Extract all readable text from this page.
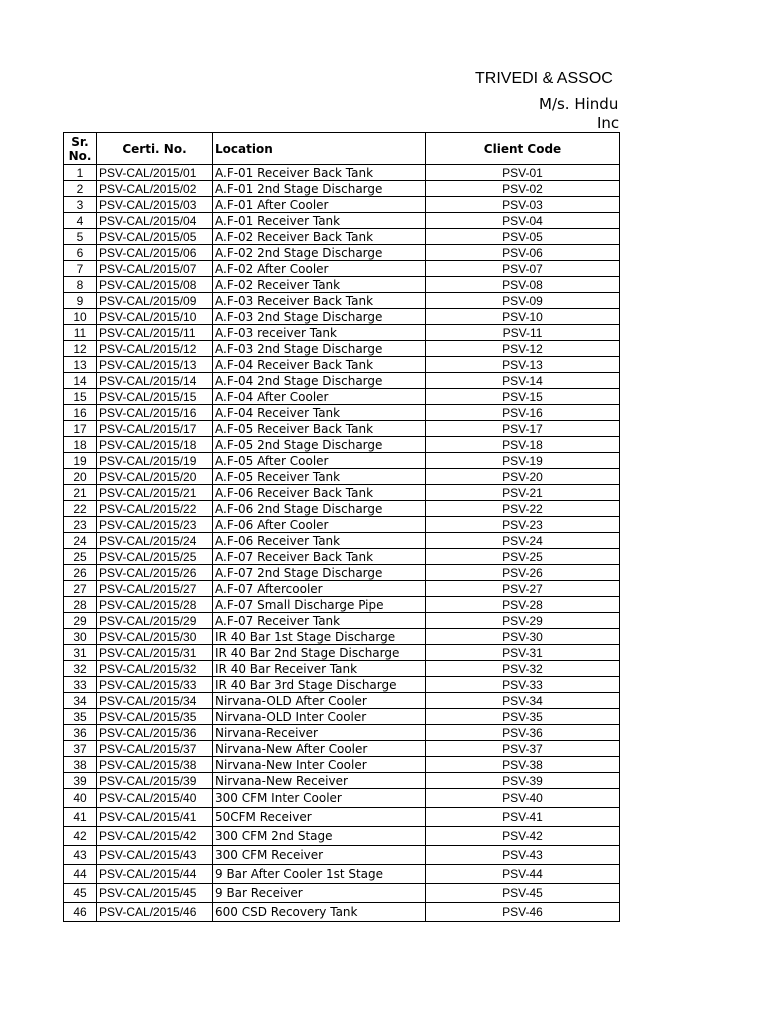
TRIVEDI & ASSOC
M/s. Hindu
Inc
Sr.
No.	Certi. No.	Location	Client Code
1	PSV-CAL/2015/01	A.F-01 Receiver Back Tank	PSV-01
2	PSV-CAL/2015/02	A.F-01 2nd Stage Discharge	PSV-02
3	PSV-CAL/2015/03	A.F-01 After Cooler	PSV-03
4	PSV-CAL/2015/04	A.F-01 Receiver Tank	PSV-04
5	PSV-CAL/2015/05	A.F-02 Receiver Back Tank	PSV-05
6	PSV-CAL/2015/06	A.F-02 2nd Stage Discharge	PSV-06
7	PSV-CAL/2015/07	A.F-02 After Cooler	PSV-07
8	PSV-CAL/2015/08	A.F-02 Receiver Tank	PSV-08
9	PSV-CAL/2015/09	A.F-03 Receiver Back Tank	PSV-09
10	PSV-CAL/2015/10	A.F-03 2nd Stage Discharge	PSV-10
11	PSV-CAL/2015/11	A.F-03 receiver Tank	PSV-11
12	PSV-CAL/2015/12	A.F-03 2nd Stage Discharge	PSV-12
13	PSV-CAL/2015/13	A.F-04 Receiver Back Tank	PSV-13
14	PSV-CAL/2015/14	A.F-04 2nd Stage Discharge	PSV-14
15	PSV-CAL/2015/15	A.F-04 After Cooler	PSV-15
16	PSV-CAL/2015/16	A.F-04 Receiver Tank	PSV-16
17	PSV-CAL/2015/17	A.F-05 Receiver Back Tank	PSV-17
18	PSV-CAL/2015/18	A.F-05 2nd Stage Discharge	PSV-18
19	PSV-CAL/2015/19	A.F-05 After Cooler	PSV-19
20	PSV-CAL/2015/20	A.F-05 Receiver Tank	PSV-20
21	PSV-CAL/2015/21	A.F-06 Receiver Back Tank	PSV-21
22	PSV-CAL/2015/22	A.F-06 2nd Stage Discharge	PSV-22
23	PSV-CAL/2015/23	A.F-06 After Cooler	PSV-23
24	PSV-CAL/2015/24	A.F-06 Receiver Tank	PSV-24
25	PSV-CAL/2015/25	A.F-07 Receiver Back Tank	PSV-25
26	PSV-CAL/2015/26	A.F-07 2nd Stage Discharge	PSV-26
27	PSV-CAL/2015/27	A.F-07 Aftercooler	PSV-27
28	PSV-CAL/2015/28	A.F-07 Small Discharge Pipe	PSV-28
29	PSV-CAL/2015/29	A.F-07 Receiver Tank	PSV-29
30	PSV-CAL/2015/30	IR 40 Bar 1st Stage Discharge	PSV-30
31	PSV-CAL/2015/31	IR 40 Bar 2nd Stage Discharge	PSV-31
32	PSV-CAL/2015/32	IR 40 Bar Receiver Tank	PSV-32
33	PSV-CAL/2015/33	IR 40 Bar 3rd Stage Discharge	PSV-33
34	PSV-CAL/2015/34	Nirvana-OLD After Cooler	PSV-34
35	PSV-CAL/2015/35	Nirvana-OLD Inter Cooler	PSV-35
36	PSV-CAL/2015/36	Nirvana-Receiver	PSV-36
37	PSV-CAL/2015/37	Nirvana-New After Cooler	PSV-37
38	PSV-CAL/2015/38	Nirvana-New Inter Cooler	PSV-38
39	PSV-CAL/2015/39	Nirvana-New Receiver	PSV-39
40	PSV-CAL/2015/40	300 CFM Inter Cooler	PSV-40
41	PSV-CAL/2015/41	50CFM Receiver	PSV-41
42	PSV-CAL/2015/42	300 CFM 2nd Stage	PSV-42
43	PSV-CAL/2015/43	300 CFM Receiver	PSV-43
44	PSV-CAL/2015/44	9 Bar After Cooler 1st Stage	PSV-44
45	PSV-CAL/2015/45	9 Bar Receiver	PSV-45
46	PSV-CAL/2015/46	600 CSD Recovery Tank	PSV-46
